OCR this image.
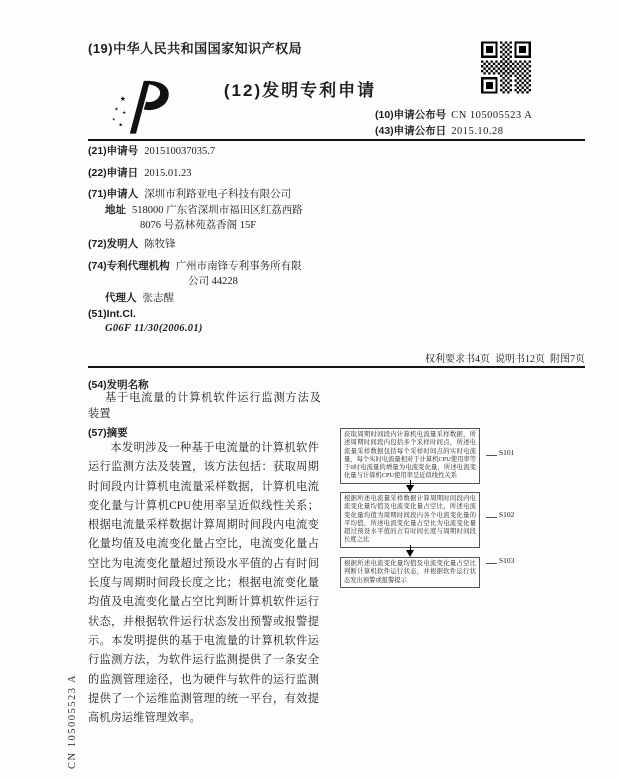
(19)中华人民共和国国家知识产权局
★
★
★
★
★
(12)发明专利申请
(10)申请公布号 CN 105005523 A
(43)申请公布日 2015.10.28
(21)申请号 201510037035.7
(22)申请日 2015.01.23
(71)申请人 深圳市利路亚电子科技有限公司
地址 518000 广东省深圳市福田区红荔西路
8076 号荔林苑荔香阁 15F
(72)发明人 陈牧锋
(74)专利代理机构 广州市南锋专利事务所有限
公司 44228
代理人 张志醒
(51)Int.Cl.
G06F 11/30(2006.01)
权利要求书4页  说明书12页  附图7页
(54)发明名称
基于电流量的计算机软件运行监测方法及装置
(57)摘要
本发明涉及一种基于电流量的计算机软件运行监测方法及装置，该方法包括：获取周期时间段内计算机电流量采样数据，计算机电流变化量与计算机CPU使用率呈近似线性关系；根据电流量采样数据计算周期时间段内电流变化量均值及电流变化量占空比，电流变化量占空比为电流变化量超过预设水平值的占有时间长度与周期时间段长度之比；根据电流变化量均值及电流变化量占空比判断计算机软件运行状态，并根据软件运行状态发出预警或报警提示。本发明提供的基于电流量的计算机软件运行监测方法，为软件运行监测提供了一条安全的监测管理途径，也为硬件与软件的运行监测提供了一个运维监测管理的统一平台，有效提高机房运维管理效率。
获取周期时间段内计算机电流量采样数据，所述周期时间段内包括多个采样时间点，所述电流量采样数据包括每个采样时间点的实时电流量，每个实时电流量相对于计算机CPU使用率等于0时电流量的增量为电流变化量，所述电流变化量与计算机CPU使用率呈近似线性关系
S101
根据所述电流量采样数据计算周期时间段内电流变化量均值及电流变化量占空比，所述电流变化量均值为周期时间段内各个电流变化量的平均值，所述电流变化量占空比为电流变化量超过预设水平值的占有时间长度与周期时间段长度之比
S102
根据所述电流变化量均值及电流变化量占空比判断计算机软件运行状态，并根据软件运行状态发出预警或报警提示
S103
CN 105005523 A
